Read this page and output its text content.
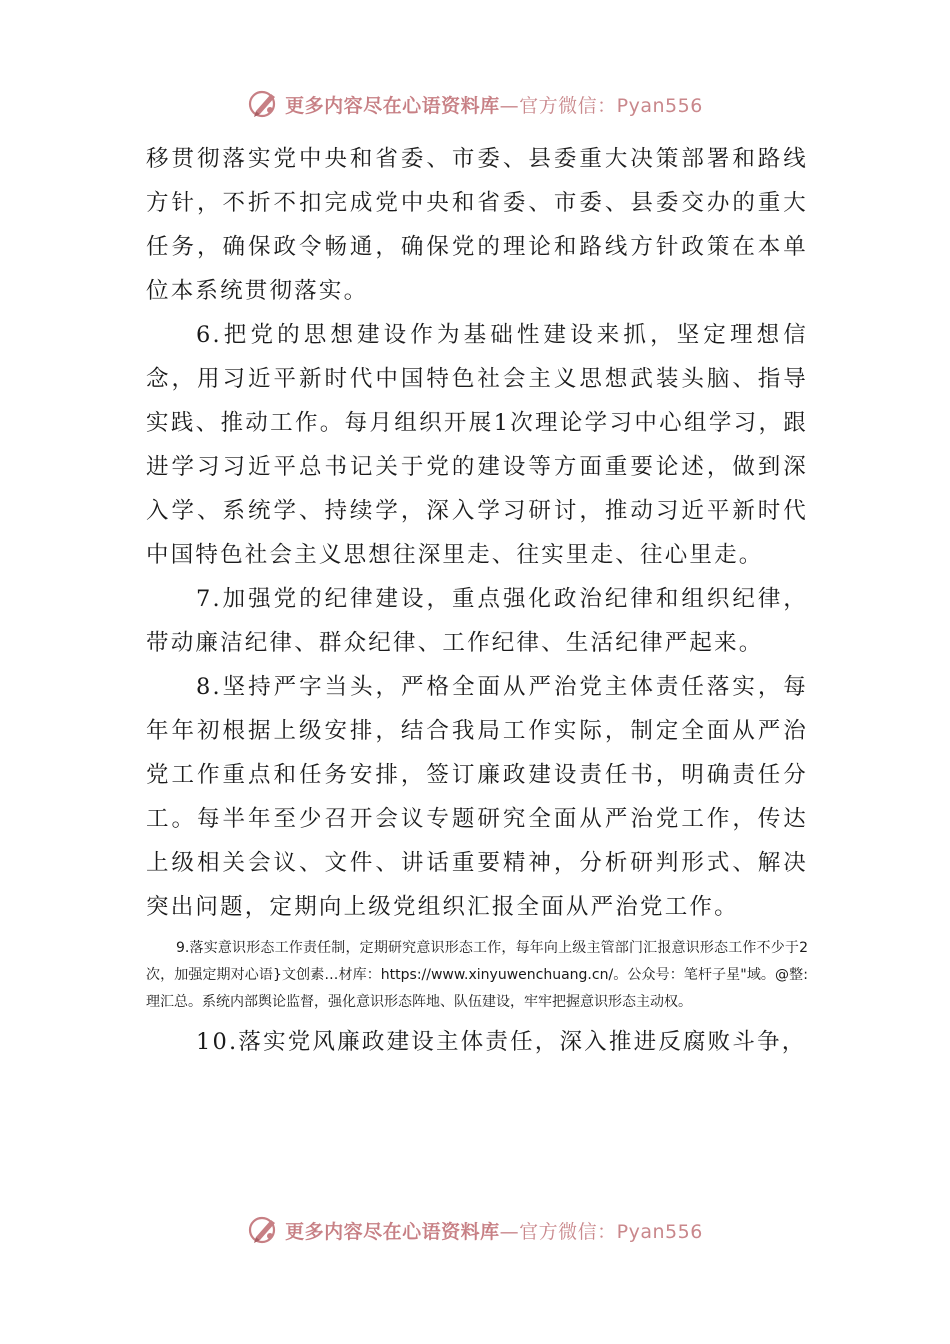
更多内容尽在心语资料库—官方微信：Pyan556

移贯彻落实党中央和省委、市委、县委重大决策部署和路线方针，不折不扣完成党中央和省委、市委、县委交办的重大任务，确保政令畅通，确保党的理论和路线方针政策在本单位本系统贯彻落实。

6.把党的思想建设作为基础性建设来抓，坚定理想信念，用习近平新时代中国特色社会主义思想武装头脑、指导实践、推动工作。每月组织开展1次理论学习中心组学习，跟进学习习近平总书记关于党的建设等方面重要论述，做到深入学、系统学、持续学，深入学习研讨，推动习近平新时代中国特色社会主义思想往深里走、往实里走、往心里走。

7.加强党的纪律建设，重点强化政治纪律和组织纪律，带动廉洁纪律、群众纪律、工作纪律、生活纪律严起来。

8.坚持严字当头，严格全面从严治党主体责任落实，每年年初根据上级安排，结合我局工作实际，制定全面从严治党工作重点和任务安排，签订廉政建设责任书，明确责任分工。每半年至少召开会议专题研究全面从严治党工作，传达上级相关会议、文件、讲话重要精神，分析研判形式、解决突出问题，定期向上级党组织汇报全面从严治党工作。

9.落实意识形态工作责任制，定期研究意识形态工作，每年向上级主管部门汇报意识形态工作不少于2次，加强定期对心语}文创素…材库：https://www.xinyuwenchuang.cn/。公众号：笔杆子星"域。@整:理汇总。系统内部舆论监督，强化意识形态阵地、队伍建设，牢牢把握意识形态主动权。

10.落实党风廉政建设主体责任，深入推进反腐败斗争，

更多内容尽在心语资料库—官方微信：Pyan556
